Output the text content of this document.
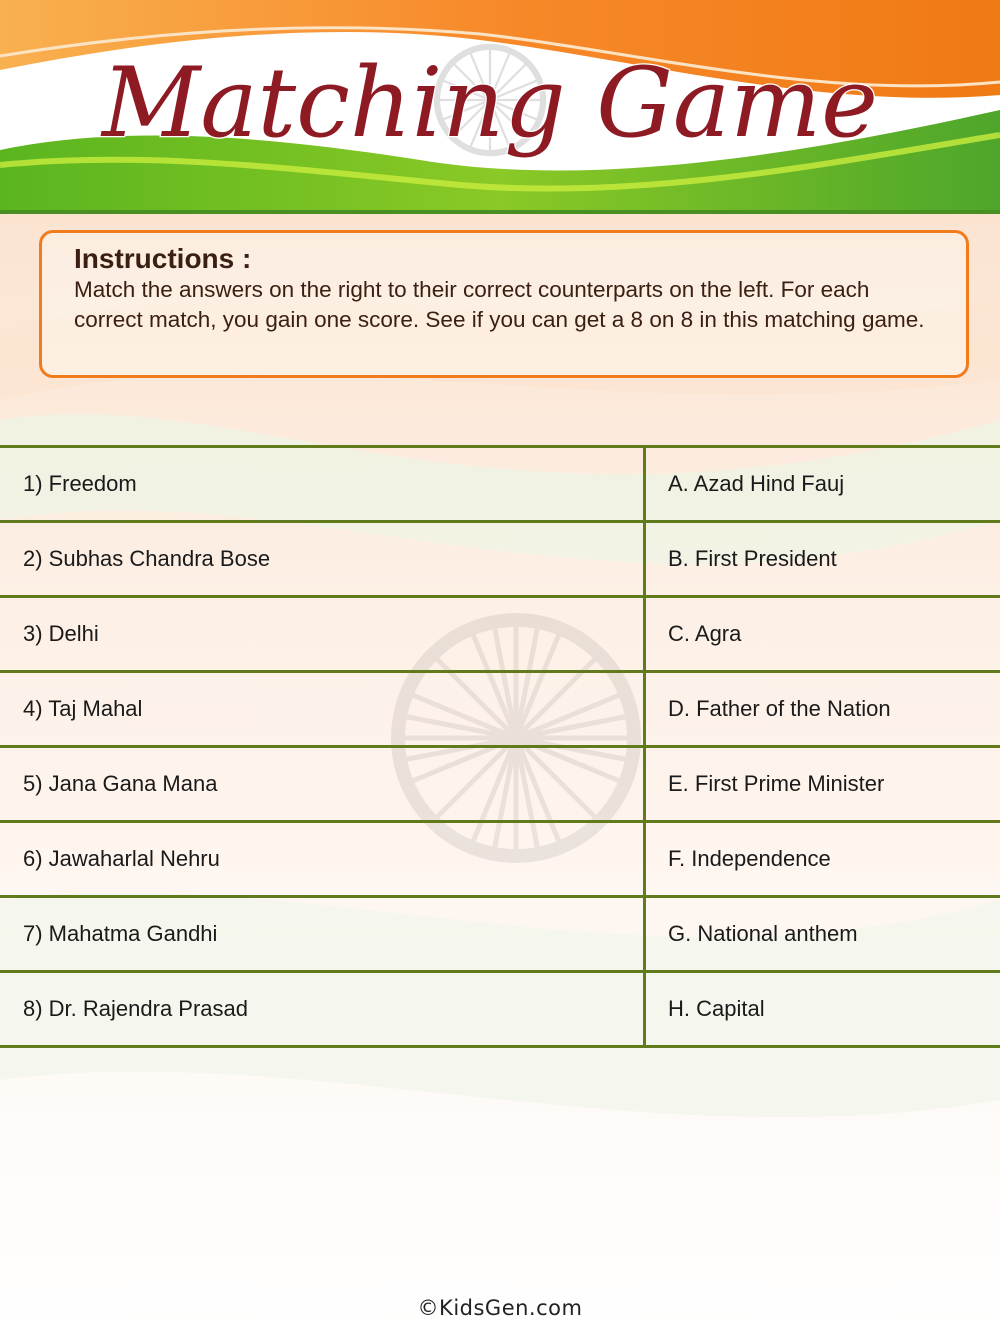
Matching Game
Instructions :

Match the answers on the right to their correct counterparts on the left. For each correct match, you gain one score. See if you can get a 8 on 8 in this matching game.

1) Freedom	A. Azad Hind Fauj
2) Subhas Chandra Bose	B. First President
3) Delhi	C. Agra
4) Taj Mahal	D. Father of the Nation
5) Jana Gana Mana	E. First Prime Minister
6) Jawaharlal Nehru	F. Independence
7) Mahatma Gandhi	G. National anthem
8) Dr. Rajendra Prasad	H. Capital
©KidsGen.com
